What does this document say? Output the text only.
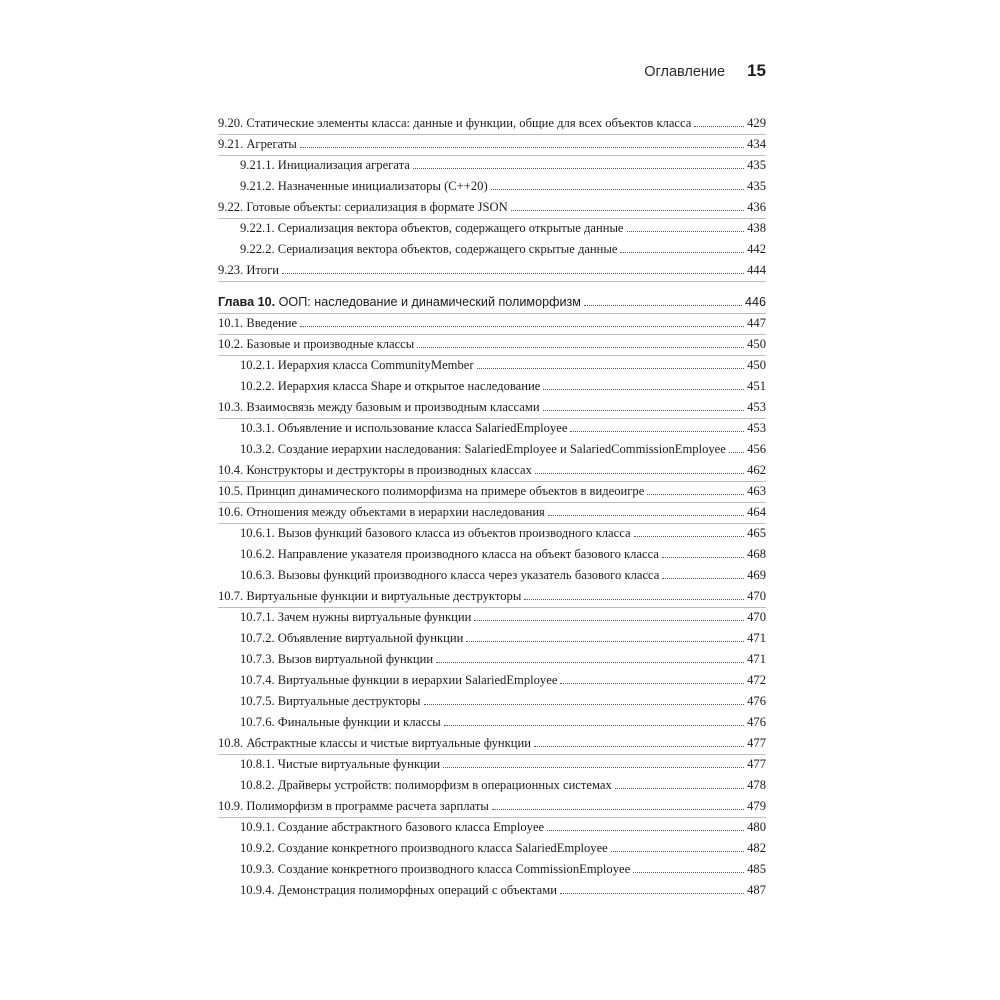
Оглавление 15
9.20. Статические элементы класса: данные и функции, общие для всех объектов класса	429
9.21. Агрегаты	434
9.21.1. Инициализация агрегата	435
9.21.2. Назначенные инициализаторы (C++20)	435
9.22. Готовые объекты: сериализация в формате JSON	436
9.22.1. Сериализация вектора объектов, содержащего открытые данные	438
9.22.2. Сериализация вектора объектов, содержащего скрытые данные	442
9.23. Итоги	444
Глава 10. ООП: наследование и динамический полиморфизм	446
10.1. Введение	447
10.2. Базовые и производные классы	450
10.2.1. Иерархия класса CommunityMember	450
10.2.2. Иерархия класса Shape и открытое наследование	451
10.3. Взаимосвязь между базовым и производным классами	453
10.3.1. Объявление и использование класса SalariedEmployee	453
10.3.2. Создание иерархии наследования: SalariedEmployee и SalariedCommissionEmployee 456
10.4. Конструкторы и деструкторы в производных классах	462
10.5. Принцип динамического полиморфизма на примере объектов в видеоигре	463
10.6. Отношения между объектами в иерархии наследования	464
10.6.1. Вызов функций базового класса из объектов производного класса	465
10.6.2. Направление указателя производного класса на объект базового класса	468
10.6.3. Вызовы функций производного класса через указатель базового класса	469
10.7. Виртуальные функции и виртуальные деструкторы	470
10.7.1. Зачем нужны виртуальные функции	470
10.7.2. Объявление виртуальной функции	471
10.7.3. Вызов виртуальной функции	471
10.7.4. Виртуальные функции в иерархии SalariedEmployee	472
10.7.5. Виртуальные деструкторы	476
10.7.6. Финальные функции и классы	476
10.8. Абстрактные классы и чистые виртуальные функции	477
10.8.1. Чистые виртуальные функции	477
10.8.2. Драйверы устройств: полиморфизм в операционных системах	478
10.9. Полиморфизм в программе расчета зарплаты	479
10.9.1. Создание абстрактного базового класса Employee	480
10.9.2. Создание конкретного производного класса SalariedEmployee	482
10.9.3. Создание конкретного производного класса CommissionEmployee	485
10.9.4. Демонстрация полиморфных операций с объектами	487
